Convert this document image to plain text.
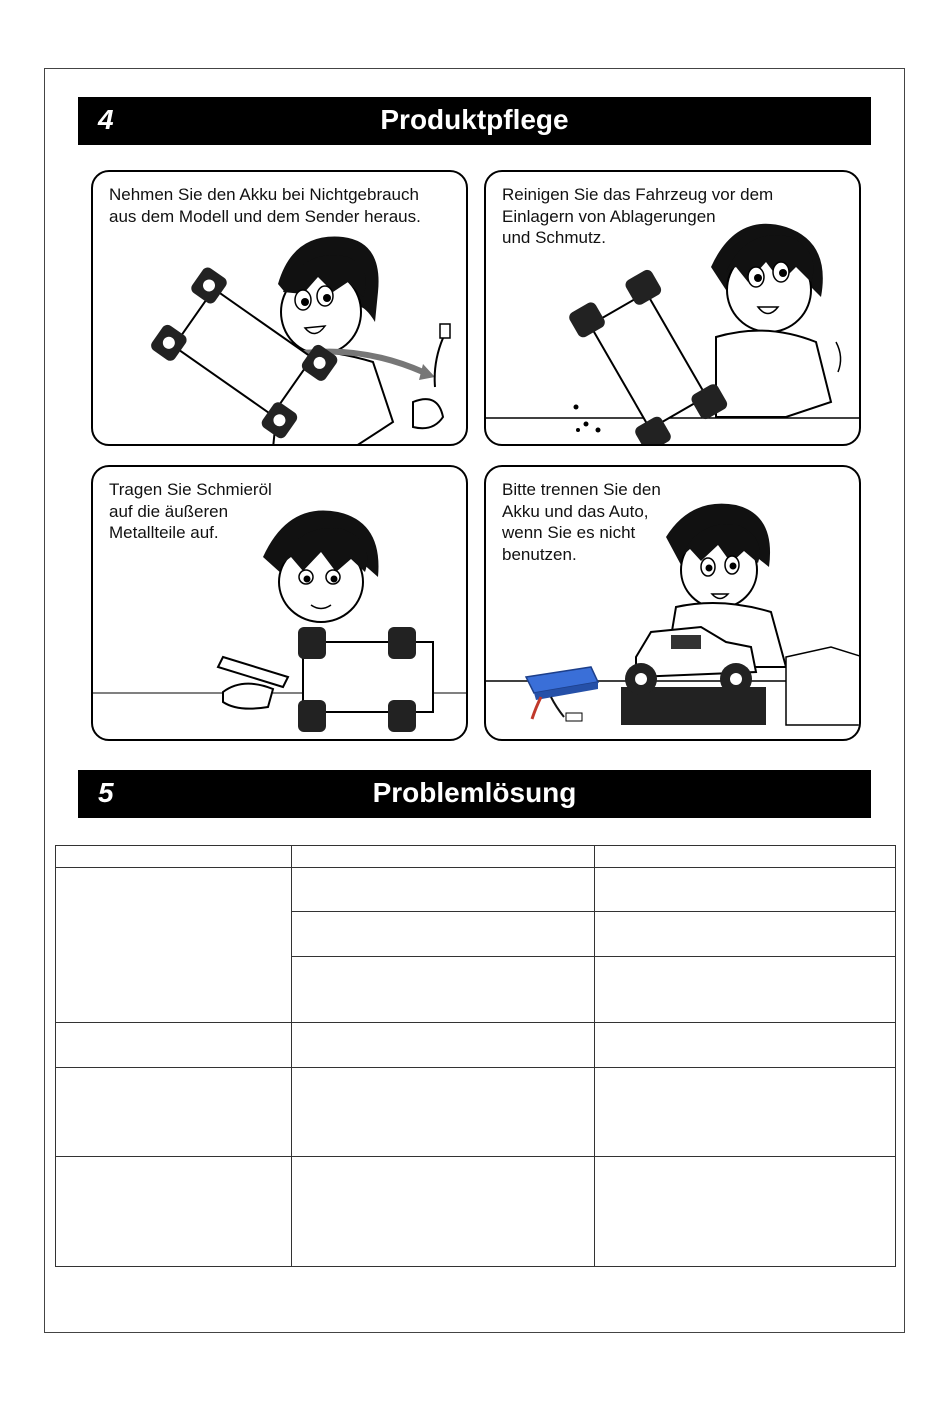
4	Produktpflege
Nehmen Sie den Akku bei Nichtgebrauch
aus dem Modell und dem Sender heraus.
Reinigen Sie das Fahrzeug vor dem
Einlagern von Ablagerungen
und Schmutz.
Tragen Sie Schmieröl
auf die äußeren
Metallteile auf.
Bitte trennen Sie den
Akku und das Auto,
wenn Sie es nicht
benutzen.
5	Problemlösung
